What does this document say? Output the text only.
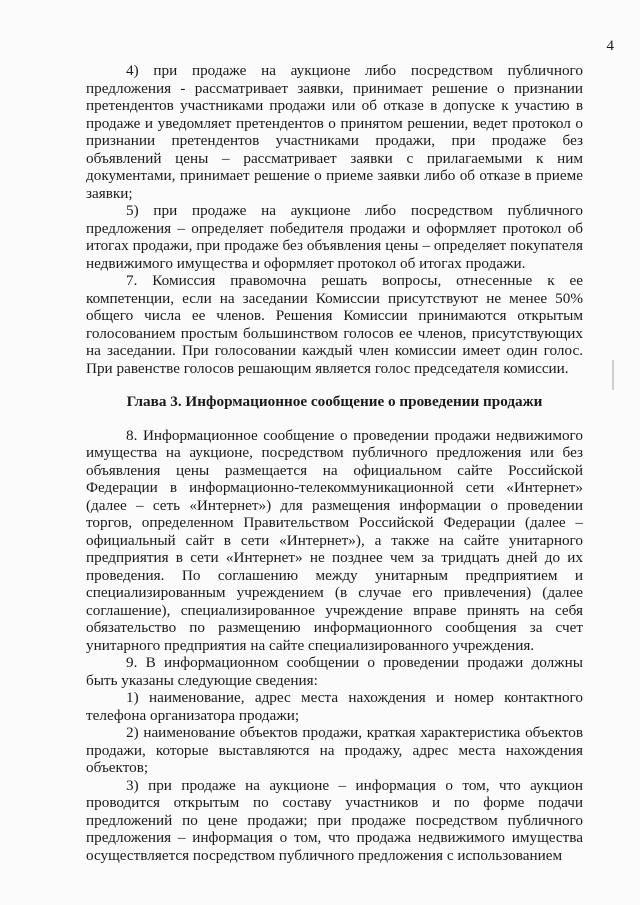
4

4) при продаже на аукционе либо посредством публичного предложения - рассматривает заявки, принимает решение о признании претендентов участниками продажи или об отказе в допуске к участию в продаже и уведомляет претендентов о принятом решении, ведет протокол о признании претендентов участниками продажи, при продаже без объявлений цены – рассматривает заявки с прилагаемыми к ним документами, принимает решение о приеме заявки либо об отказе в приеме заявки;

5) при продаже на аукционе либо посредством публичного предложения – определяет победителя продажи и оформляет протокол об итогах продажи, при продаже без объявления цены – определяет покупателя недвижимого имущества и оформляет протокол об итогах продажи.

7. Комиссия правомочна решать вопросы, отнесенные к ее компетенции, если на заседании Комиссии присутствуют не менее 50% общего числа ее членов. Решения Комиссии принимаются открытым голосованием простым большинством голосов ее членов, присутствующих на заседании. При голосовании каждый член комиссии имеет один голос. При равенстве голосов решающим является голос председателя комиссии.

Глава 3. Информационное сообщение о проведении продажи

8. Информационное сообщение о проведении продажи недвижимого имущества на аукционе, посредством публичного предложения или без объявления цены размещается на официальном сайте Российской Федерации в информационно-телекоммуникационной сети «Интернет» (далее – сеть «Интернет») для размещения информации о проведении торгов, определенном Правительством Российской Федерации (далее – официальный сайт в сети «Интернет»), а также на сайте унитарного предприятия в сети «Интернет» не позднее чем за тридцать дней до их проведения. По соглашению между унитарным предприятием и специализированным учреждением (в случае его привлечения) (далее соглашение), специализированное учреждение вправе принять на себя обязательство по размещению информационного сообщения за счет унитарного предприятия на сайте специализированного учреждения.

9. В информационном сообщении о проведении продажи должны быть указаны следующие сведения:

1) наименование, адрес места нахождения и номер контактного телефона организатора продажи;

2) наименование объектов продажи, краткая характеристика объектов продажи, которые выставляются на продажу, адрес места нахождения объектов;

3) при продаже на аукционе – информация о том, что аукцион проводится открытым по составу участников и по форме подачи предложений по цене продажи; при продаже посредством публичного предложения – информация о том, что продажа недвижимого имущества осуществляется посредством публичного предложения с использованием
